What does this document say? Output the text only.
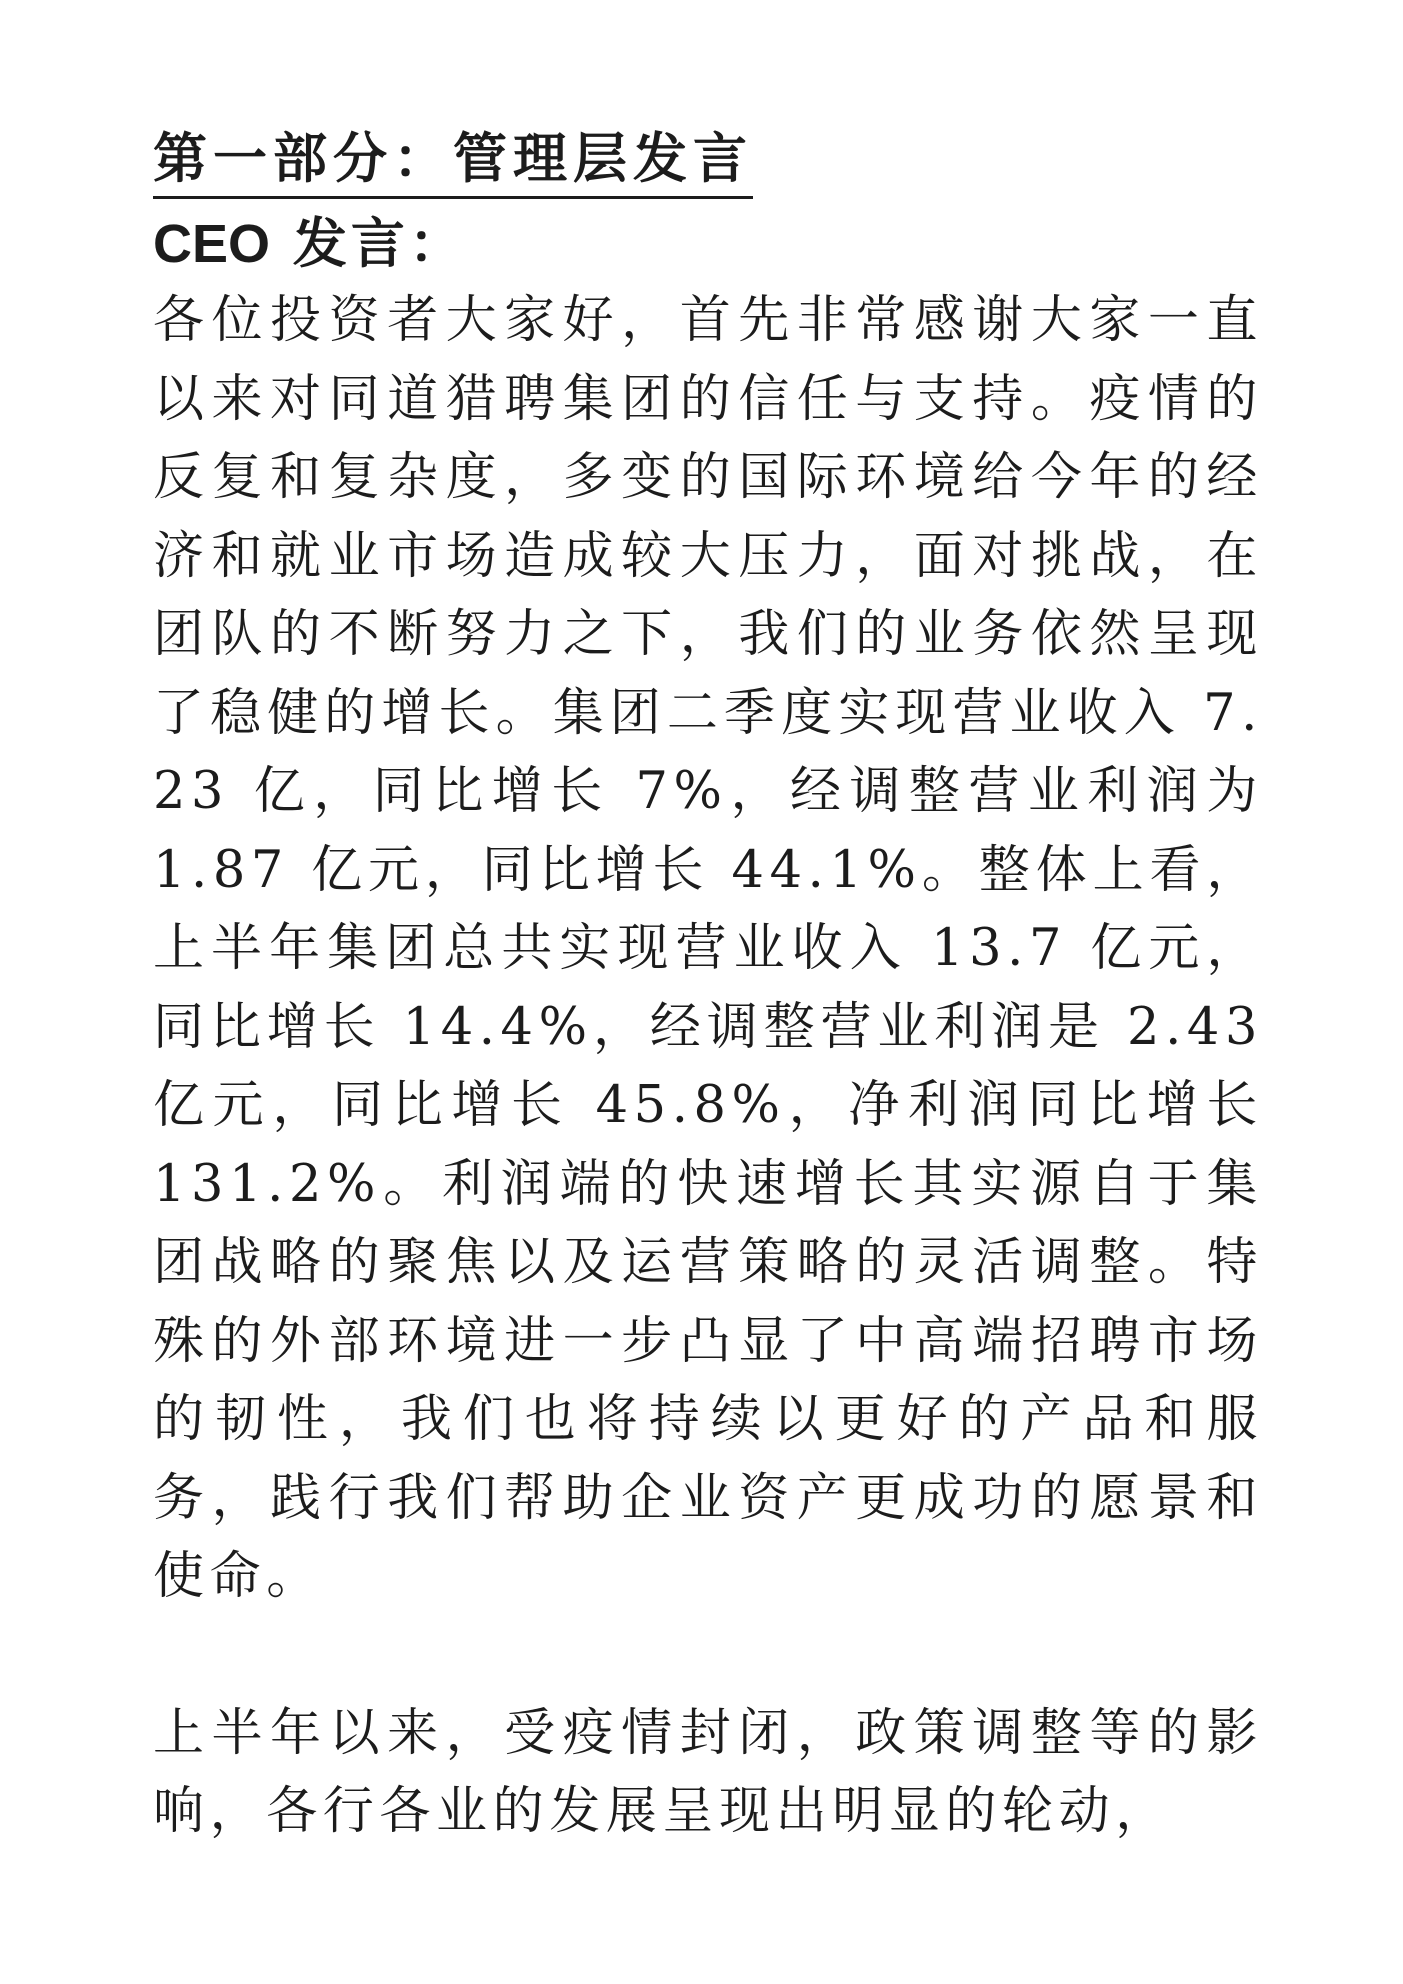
第一部分：管理层发言
CEO 发言：

各位投资者大家好，首先非常感谢大家一直以来对同道猎聘集团的信任与支持。疫情的反复和复杂度，多变的国际环境给今年的经济和就业市场造成较大压力，面对挑战，在团队的不断努力之下，我们的业务依然呈现了稳健的增长。集团二季度实现营业收入 7.23 亿，同比增长 7%，经调整营业利润为 1.87 亿元，同比增长 44.1%。整体上看，上半年集团总共实现营业收入 13.7 亿元，同比增长 14.4%，经调整营业利润是 2.43 亿元，同比增长 45.8%，净利润同比增长 131.2%。利润端的快速增长其实源自于集团战略的聚焦以及运营策略的灵活调整。特殊的外部环境进一步凸显了中高端招聘市场的韧性，我们也将持续以更好的产品和服务，践行我们帮助企业资产更成功的愿景和使命。

上半年以来，受疫情封闭，政策调整等的影响，各行各业的发展呈现出明显的轮动，
